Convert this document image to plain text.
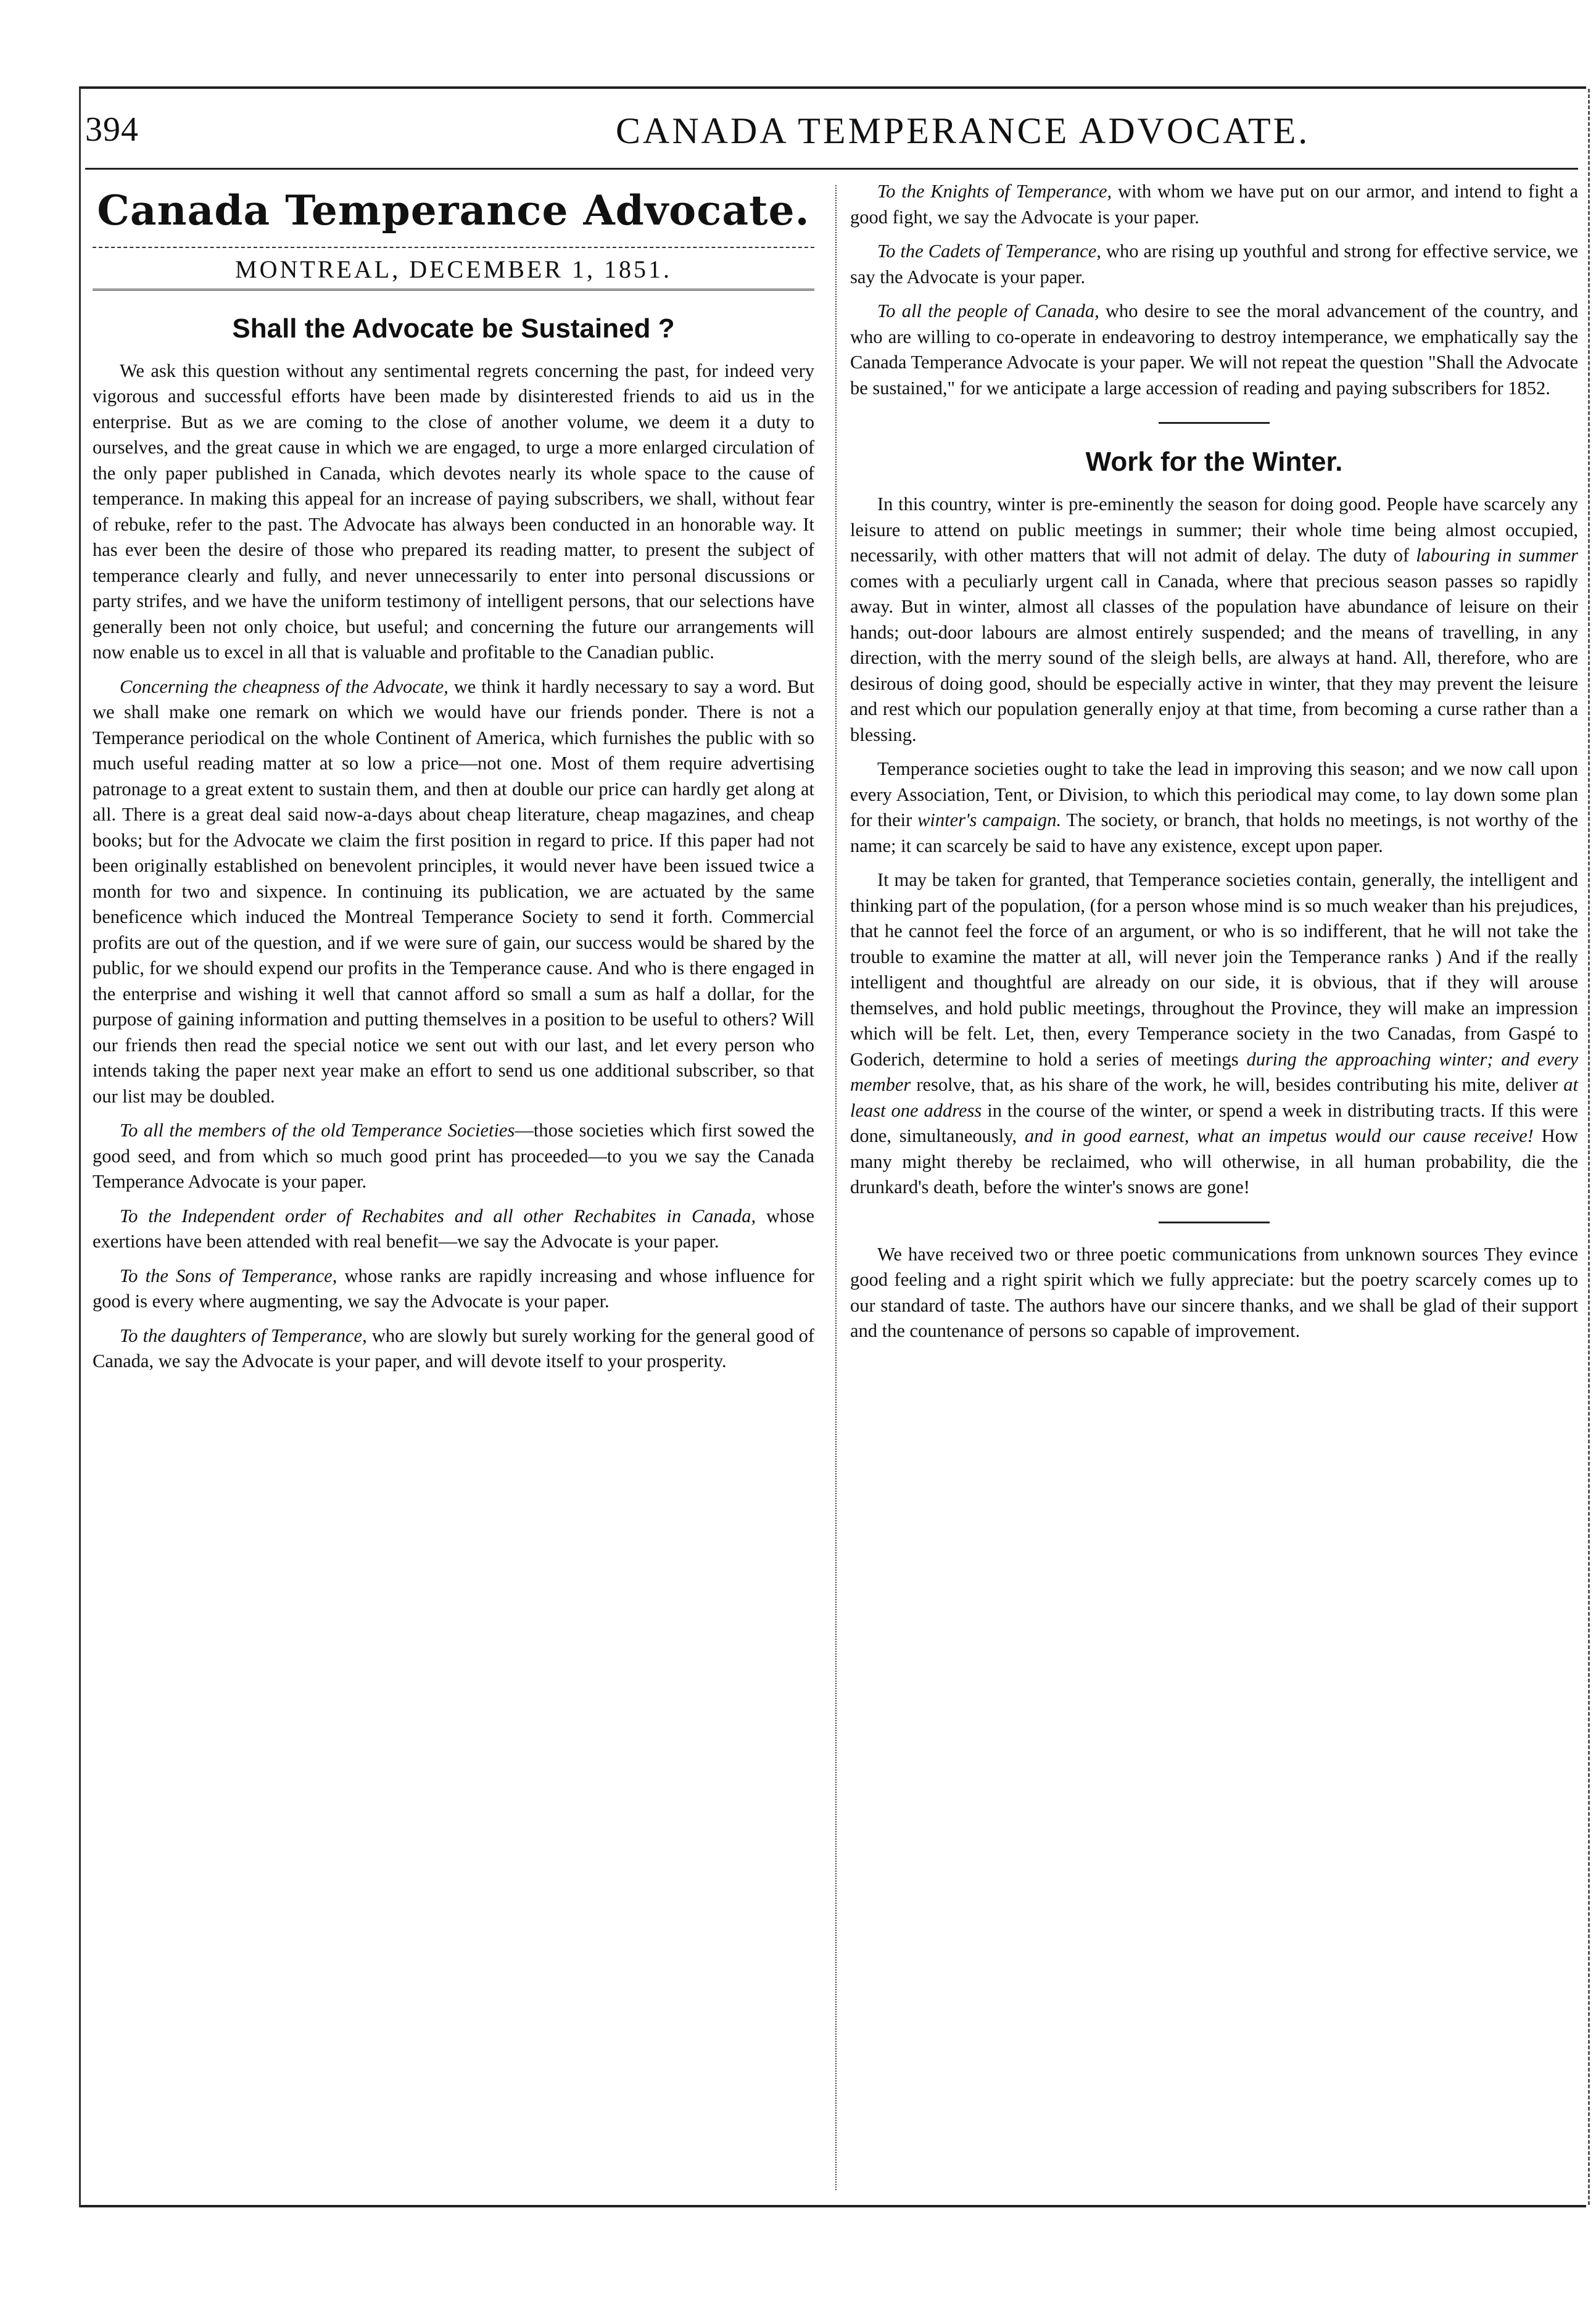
394	CANADA TEMPERANCE ADVOCATE.
Canada Temperance Advocate.
MONTREAL, DECEMBER 1, 1851.
Shall the Advocate be Sustained ?

We ask this question without any sentimental regrets concerning the past, for indeed very vigorous and successful efforts have been made by disinterested friends to aid us in the enterprise. But as we are coming to the close of another volume, we deem it a duty to ourselves, and the great cause in which we are engaged, to urge a more enlarged circulation of the only paper published in Canada, which devotes nearly its whole space to the cause of temperance. In making this appeal for an increase of paying subscribers, we shall, without fear of rebuke, refer to the past. The Advocate has always been conducted in an honorable way. It has ever been the desire of those who prepared its reading matter, to present the subject of temperance clearly and fully, and never unnecessarily to enter into personal discussions or party strifes, and we have the uniform testimony of intelligent persons, that our selections have generally been not only choice, but useful; and concerning the future our arrangements will now enable us to excel in all that is valuable and profitable to the Canadian public.

Concerning the cheapness of the Advocate, we think it hardly necessary to say a word. But we shall make one remark on which we would have our friends ponder. There is not a Temperance periodical on the whole Continent of America, which furnishes the public with so much useful reading matter at so low a price—not one. Most of them require advertising patronage to a great extent to sustain them, and then at double our price can hardly get along at all. There is a great deal said now-a-days about cheap literature, cheap magazines, and cheap books; but for the Advocate we claim the first position in regard to price. If this paper had not been originally established on benevolent principles, it would never have been issued twice a month for two and sixpence. In continuing its publication, we are actuated by the same beneficence which induced the Montreal Temperance Society to send it forth. Commercial profits are out of the question, and if we were sure of gain, our success would be shared by the public, for we should expend our profits in the Temperance cause. And who is there engaged in the enterprise and wishing it well that cannot afford so small a sum as half a dollar, for the purpose of gaining information and putting themselves in a position to be useful to others? Will our friends then read the special notice we sent out with our last, and let every person who intends taking the paper next year make an effort to send us one additional subscriber, so that our list may be doubled.

To all the members of the old Temperance Societies—those societies which first sowed the good seed, and from which so much good print has proceeded—to you we say the Canada Temperance Advocate is your paper.

To the Independent order of Rechabites and all other Rechabites in Canada, whose exertions have been attended with real benefit—we say the Advocate is your paper.

To the Sons of Temperance, whose ranks are rapidly increasing and whose influence for good is every where augmenting, we say the Advocate is your paper.

To the daughters of Temperance, who are slowly but surely working for the general good of Canada, we say the Advocate is your paper, and will devote itself to your prosperity.

To the Knights of Temperance, with whom we have put on our armor, and intend to fight a good fight, we say the Advocate is your paper.

To the Cadets of Temperance, who are rising up youthful and strong for effective service, we say the Advocate is your paper.

To all the people of Canada, who desire to see the moral advancement of the country, and who are willing to co-operate in endeavoring to destroy intemperance, we emphatically say the Canada Temperance Advocate is your paper. We will not repeat the question "Shall the Advocate be sustained," for we anticipate a large accession of reading and paying subscribers for 1852.

Work for the Winter.

In this country, winter is pre-eminently the season for doing good. People have scarcely any leisure to attend on public meetings in summer; their whole time being almost occupied, necessarily, with other matters that will not admit of delay. The duty of labouring in summer comes with a peculiarly urgent call in Canada, where that precious season passes so rapidly away. But in winter, almost all classes of the population have abundance of leisure on their hands; out-door labours are almost entirely suspended; and the means of travelling, in any direction, with the merry sound of the sleigh bells, are always at hand. All, therefore, who are desirous of doing good, should be especially active in winter, that they may prevent the leisure and rest which our population generally enjoy at that time, from becoming a curse rather than a blessing.

Temperance societies ought to take the lead in improving this season; and we now call upon every Association, Tent, or Division, to which this periodical may come, to lay down some plan for their winter's campaign. The society, or branch, that holds no meetings, is not worthy of the name; it can scarcely be said to have any existence, except upon paper.

It may be taken for granted, that Temperance societies contain, generally, the intelligent and thinking part of the population, (for a person whose mind is so much weaker than his prejudices, that he cannot feel the force of an argument, or who is so indifferent, that he will not take the trouble to examine the matter at all, will never join the Temperance ranks ) And if the really intelligent and thoughtful are already on our side, it is obvious, that if they will arouse themselves, and hold public meetings, throughout the Province, they will make an impression which will be felt. Let, then, every Temperance society in the two Canadas, from Gaspé to Goderich, determine to hold a series of meetings during the approaching winter; and every member resolve, that, as his share of the work, he will, besides contributing his mite, deliver at least one address in the course of the winter, or spend a week in distributing tracts. If this were done, simultaneously, and in good earnest, what an impetus would our cause receive! How many might thereby be reclaimed, who will otherwise, in all human probability, die the drunkard's death, before the winter's snows are gone!

We have received two or three poetic communications from unknown sources They evince good feeling and a right spirit which we fully appreciate: but the poetry scarcely comes up to our standard of taste. The authors have our sincere thanks, and we shall be glad of their support and the countenance of persons so capable of improvement.
